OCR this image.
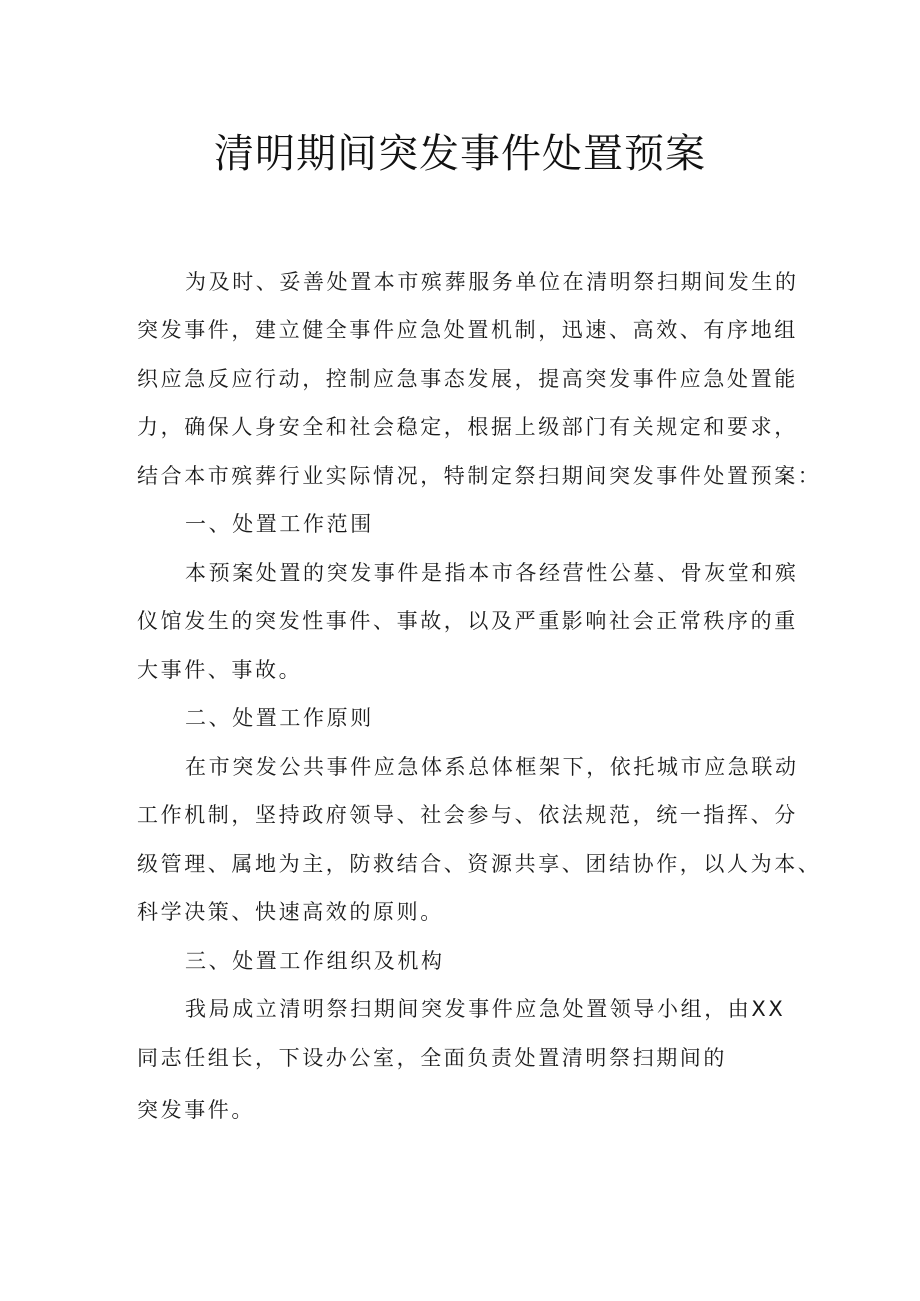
清明期间突发事件处置预案
为及时、妥善处置本市殡葬服务单位在清明祭扫期间发生的
突发事件，建立健全事件应急处置机制，迅速、高效、有序地组
织应急反应行动，控制应急事态发展，提高突发事件应急处置能
力，确保人身安全和社会稳定，根据上级部门有关规定和要求，
结合本市殡葬行业实际情况，特制定祭扫期间突发事件处置预案：
一、处置工作范围
本预案处置的突发事件是指本市各经营性公墓、骨灰堂和殡
仪馆发生的突发性事件、事故，以及严重影响社会正常秩序的重
大事件、事故。
二、处置工作原则
在市突发公共事件应急体系总体框架下，依托城市应急联动
工作机制，坚持政府领导、社会参与、依法规范，统一指挥、分
级管理、属地为主，防救结合、资源共享、团结协作，以人为本、
科学决策、快速高效的原则。
三、处置工作组织及机构
我局成立清明祭扫期间突发事件应急处置领导小组，由XX
同志任组长，下设办公室，全面负责处置清明祭扫期间的
突发事件。
